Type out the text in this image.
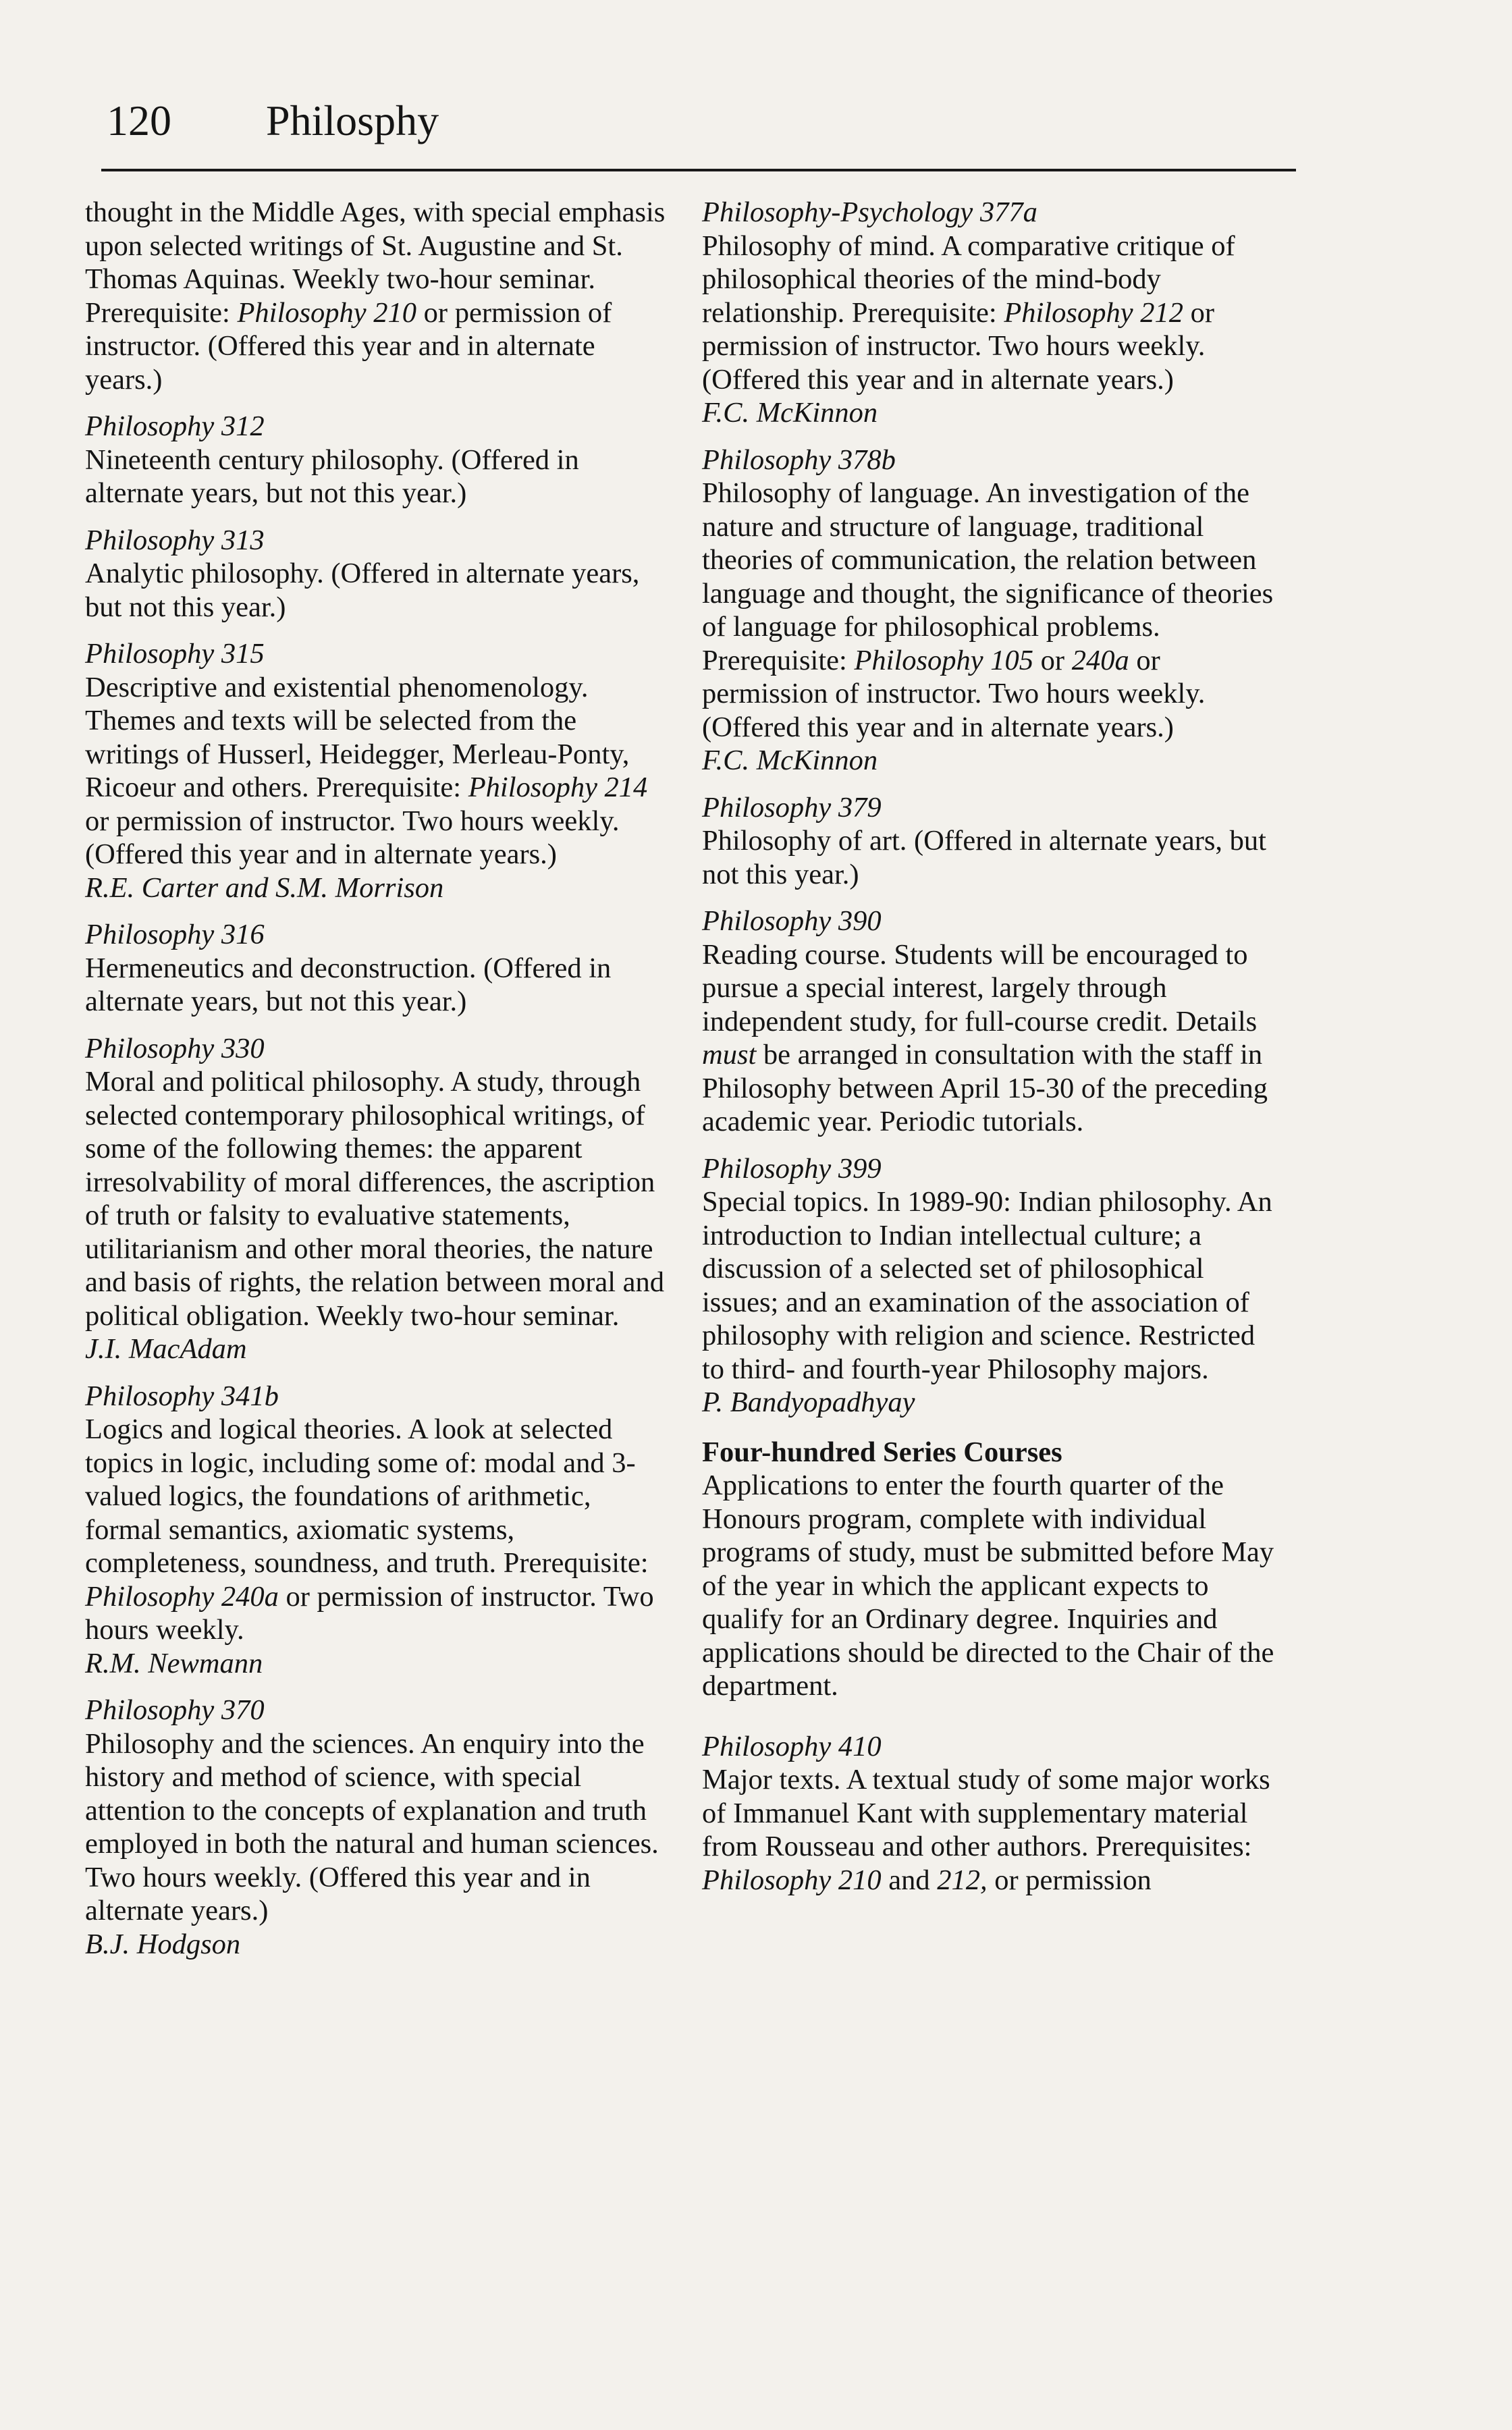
120 Philosphy
thought in the Middle Ages, with special emphasis upon selected writings of St. Augustine and St. Thomas Aquinas. Weekly two-hour seminar. Prerequisite: Philosophy 210 or permission of instructor. (Offered this year and in alternate years.)
Philosophy 312
Nineteenth century philosophy. (Offered in alternate years, but not this year.)
Philosophy 313
Analytic philosophy. (Offered in alternate years, but not this year.)
Philosophy 315
Descriptive and existential phenomenology. Themes and texts will be selected from the writings of Husserl, Heidegger, Merleau-Ponty, Ricoeur and others. Prerequisite: Philosophy 214 or permission of instructor. Two hours weekly. (Offered this year and in alternate years.)
R.E. Carter and S.M. Morrison
Philosophy 316
Hermeneutics and deconstruction. (Offered in alternate years, but not this year.)
Philosophy 330
Moral and political philosophy. A study, through selected contemporary philosophical writings, of some of the following themes: the apparent irresolvability of moral differences, the ascription of truth or falsity to evaluative statements, utilitarianism and other moral theories, the nature and basis of rights, the relation between moral and political obligation. Weekly two-hour seminar.
J.I. MacAdam
Philosophy 341b
Logics and logical theories. A look at selected topics in logic, including some of: modal and 3-valued logics, the foundations of arithmetic, formal semantics, axiomatic systems, completeness, soundness, and truth. Prerequisite: Philosophy 240a or permission of instructor. Two hours weekly.
R.M. Newmann
Philosophy 370
Philosophy and the sciences. An enquiry into the history and method of science, with special attention to the concepts of explanation and truth employed in both the natural and human sciences. Two hours weekly. (Offered this year and in alternate years.)
B.J. Hodgson
Philosophy-Psychology 377a
Philosophy of mind. A comparative critique of philosophical theories of the mind-body relationship. Prerequisite: Philosophy 212 or permission of instructor. Two hours weekly. (Offered this year and in alternate years.)
F.C. McKinnon
Philosophy 378b
Philosophy of language. An investigation of the nature and structure of language, traditional theories of communication, the relation between language and thought, the significance of theories of language for philosophical problems. Prerequisite: Philosophy 105 or 240a or permission of instructor. Two hours weekly. (Offered this year and in alternate years.)
F.C. McKinnon
Philosophy 379
Philosophy of art. (Offered in alternate years, but not this year.)
Philosophy 390
Reading course. Students will be encouraged to pursue a special interest, largely through independent study, for full-course credit. Details must be arranged in consultation with the staff in Philosophy between April 15-30 of the preceding academic year. Periodic tutorials.
Philosophy 399
Special topics. In 1989-90: Indian philosophy. An introduction to Indian intellectual culture; a discussion of a selected set of philosophical issues; and an examination of the association of philosophy with religion and science. Restricted to third- and fourth-year Philosophy majors.
P. Bandyopadhyay
Four-hundred Series Courses
Applications to enter the fourth quarter of the Honours program, complete with individual programs of study, must be submitted before May of the year in which the applicant expects to qualify for an Ordinary degree. Inquiries and applications should be directed to the Chair of the department.
Philosophy 410
Major texts. A textual study of some major works of Immanuel Kant with supplementary material from Rousseau and other authors. Prerequisites: Philosophy 210 and 212, or permission
